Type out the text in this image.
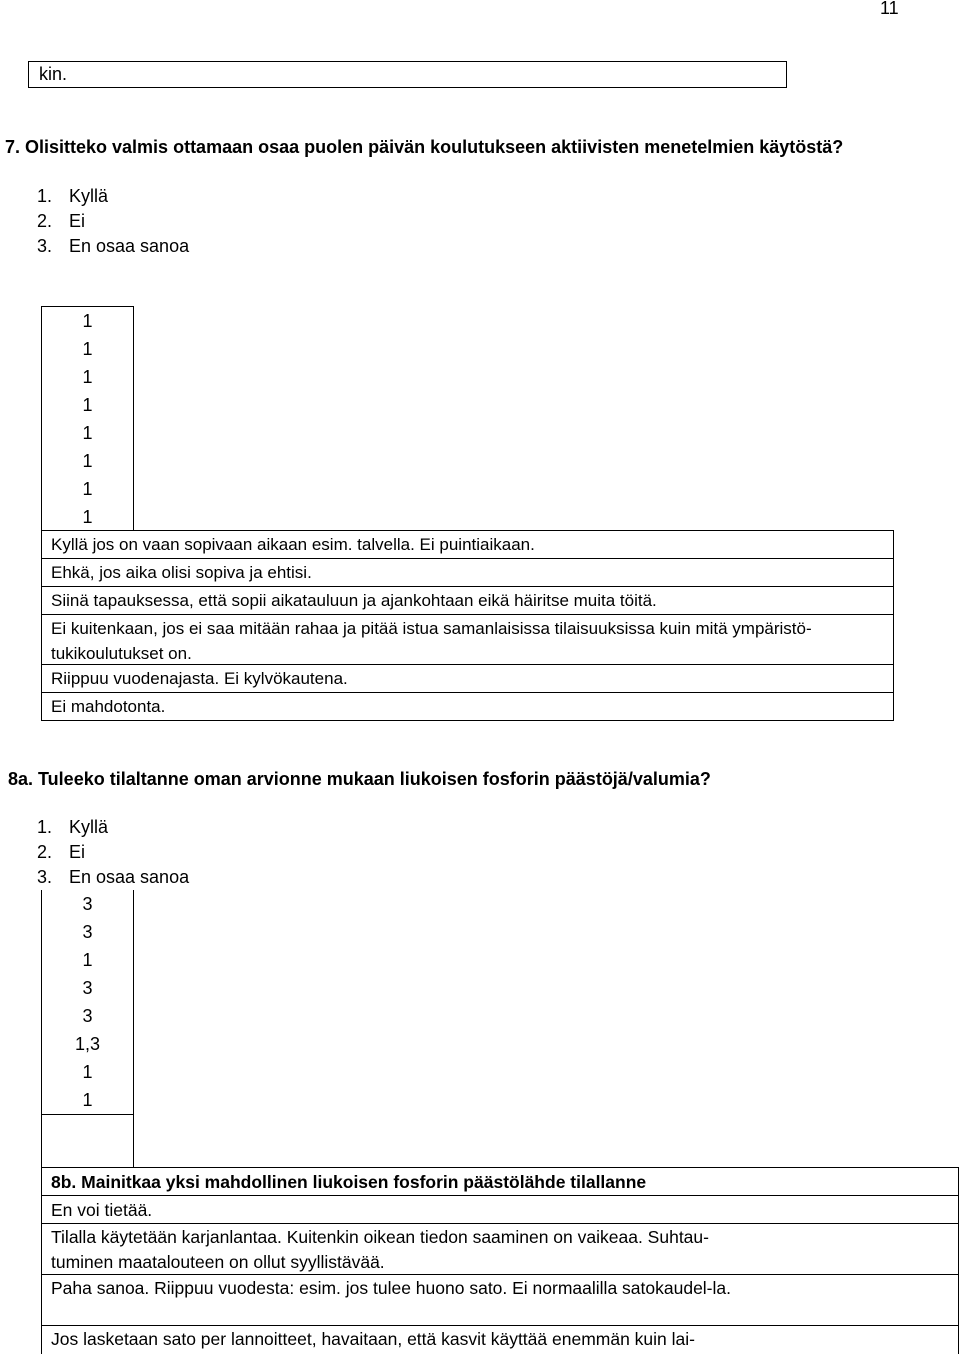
11
kin.
7. Olisitteko valmis ottamaan osaa puolen päivän koulutukseen aktiivisten menetelmien käytöstä?
1. Kyllä
2. Ei
3. En osaa sanoa
1
1
1
1
1
1
1
1
Kyllä jos on vaan sopivaan aikaan esim. talvella. Ei puintiaikaan.
Ehkä, jos aika olisi sopiva ja ehtisi.
Siinä tapauksessa, että sopii aikatauluun ja ajankohtaan eikä häiritse muita töitä.
Ei kuitenkaan, jos ei saa mitään rahaa ja pitää istua samanlaisissa tilaisuuksissa kuin mitä ympäristö-tukikoulutukset on.
Riippuu vuodenajasta. Ei kylvökautena.
Ei mahdotonta.
8a. Tuleeko tilaltanne oman arvionne mukaan liukoisen fosforin päästöjä/valumia?
1. Kyllä
2. Ei
3. En osaa sanoa
3
3
1
3
3
1,3
1
1
8b. Mainitkaa yksi mahdollinen liukoisen fosforin päästölähde tilallanne
En voi tietää.
Tilalla käytetään karjanlantaa. Kuitenkin oikean tiedon saaminen on vaikeaa. Suhtau-tuminen maatalouteen on ollut syyllistävää.
Paha sanoa. Riippuu vuodesta: esim. jos tulee huono sato. Ei normaalilla satokaudel-la.
Jos lasketaan sato per lannoitteet, havaitaan, että kasvit käyttää enemmän kuin lai-
